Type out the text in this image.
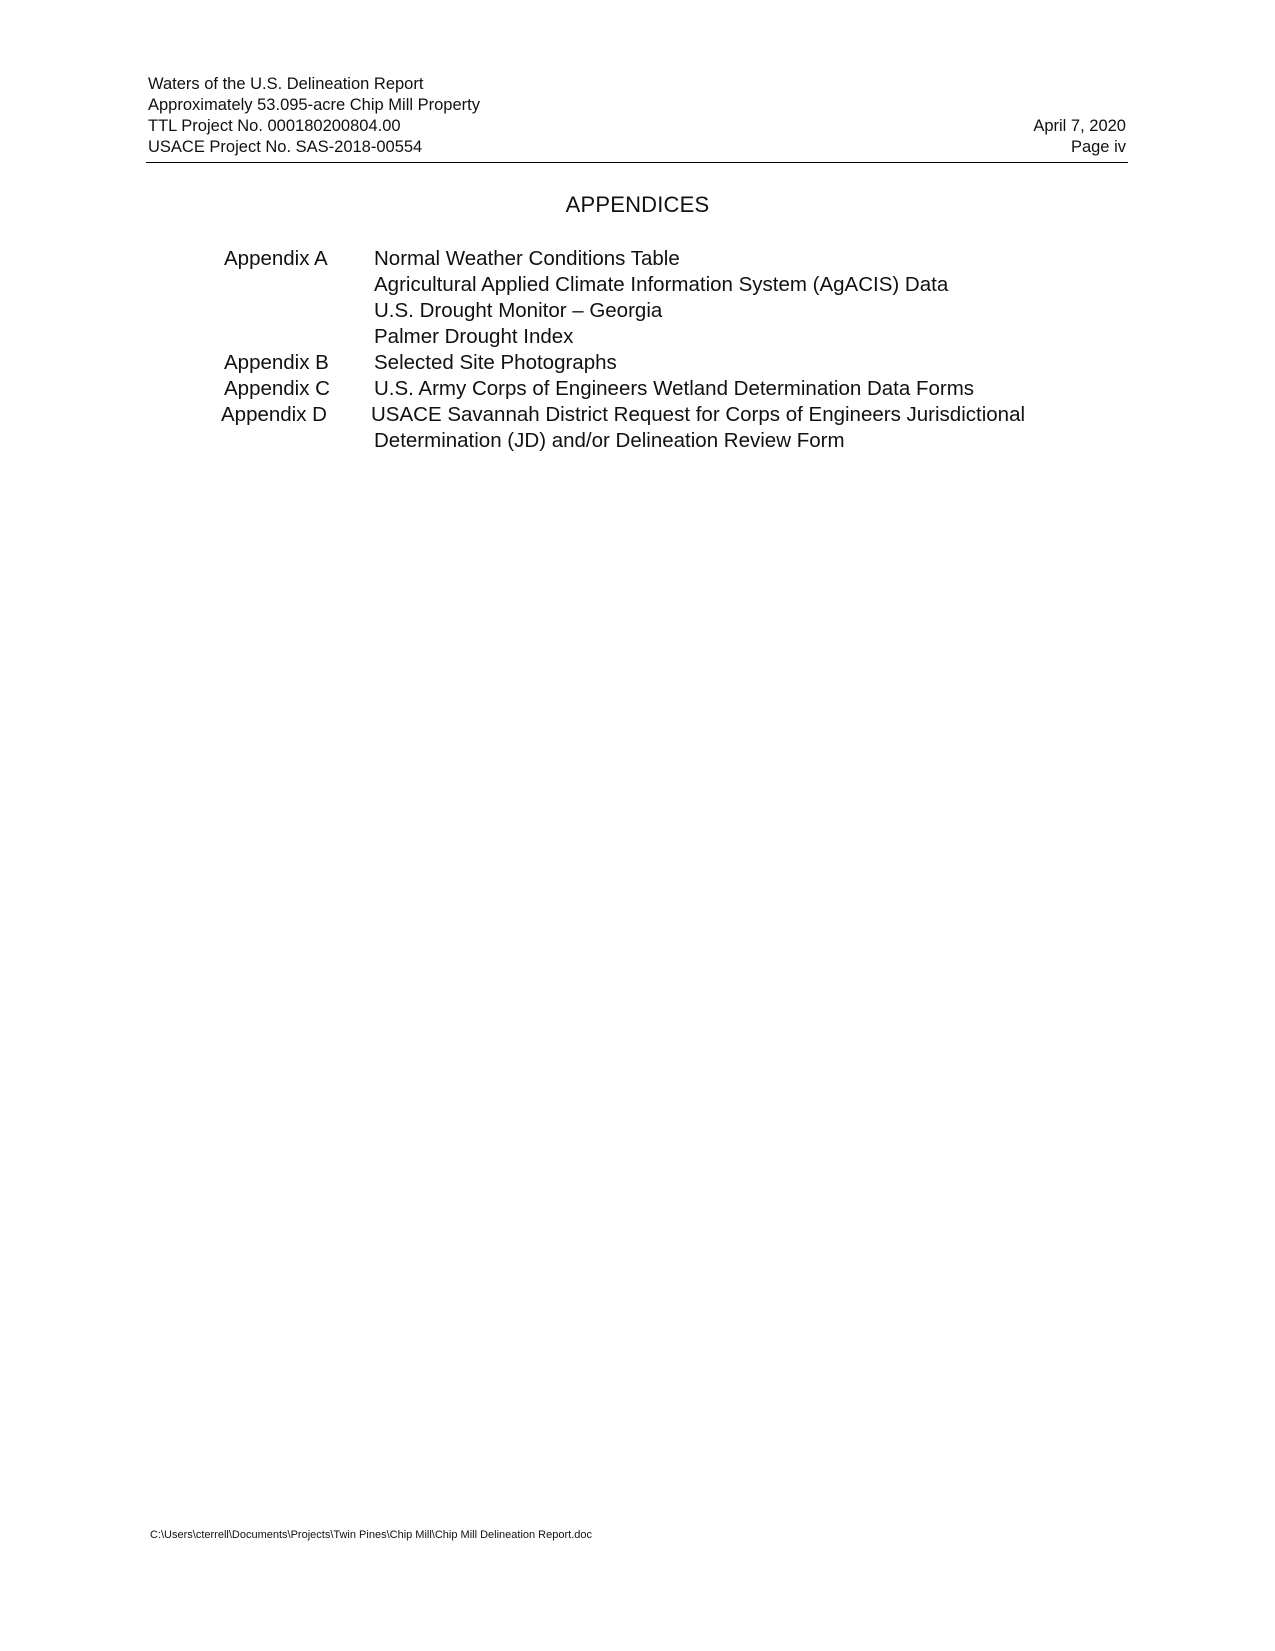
Waters of the U.S. Delineation Report
Approximately 53.095-acre Chip Mill Property
TTL Project No. 000180200804.00	April 7, 2020
USACE Project No. SAS-2018-00554	Page iv
APPENDICES
Appendix A Normal Weather Conditions Table
Agricultural Applied Climate Information System (AgACIS) Data
U.S. Drought Monitor – Georgia
Palmer Drought Index
Appendix B Selected Site Photographs
Appendix C U.S. Army Corps of Engineers Wetland Determination Data Forms
Appendix D USACE Savannah District Request for Corps of Engineers Jurisdictional
Determination (JD) and/or Delineation Review Form
C:\Users\cterrell\Documents\Projects\Twin Pines\Chip Mill\Chip Mill Delineation Report.doc
